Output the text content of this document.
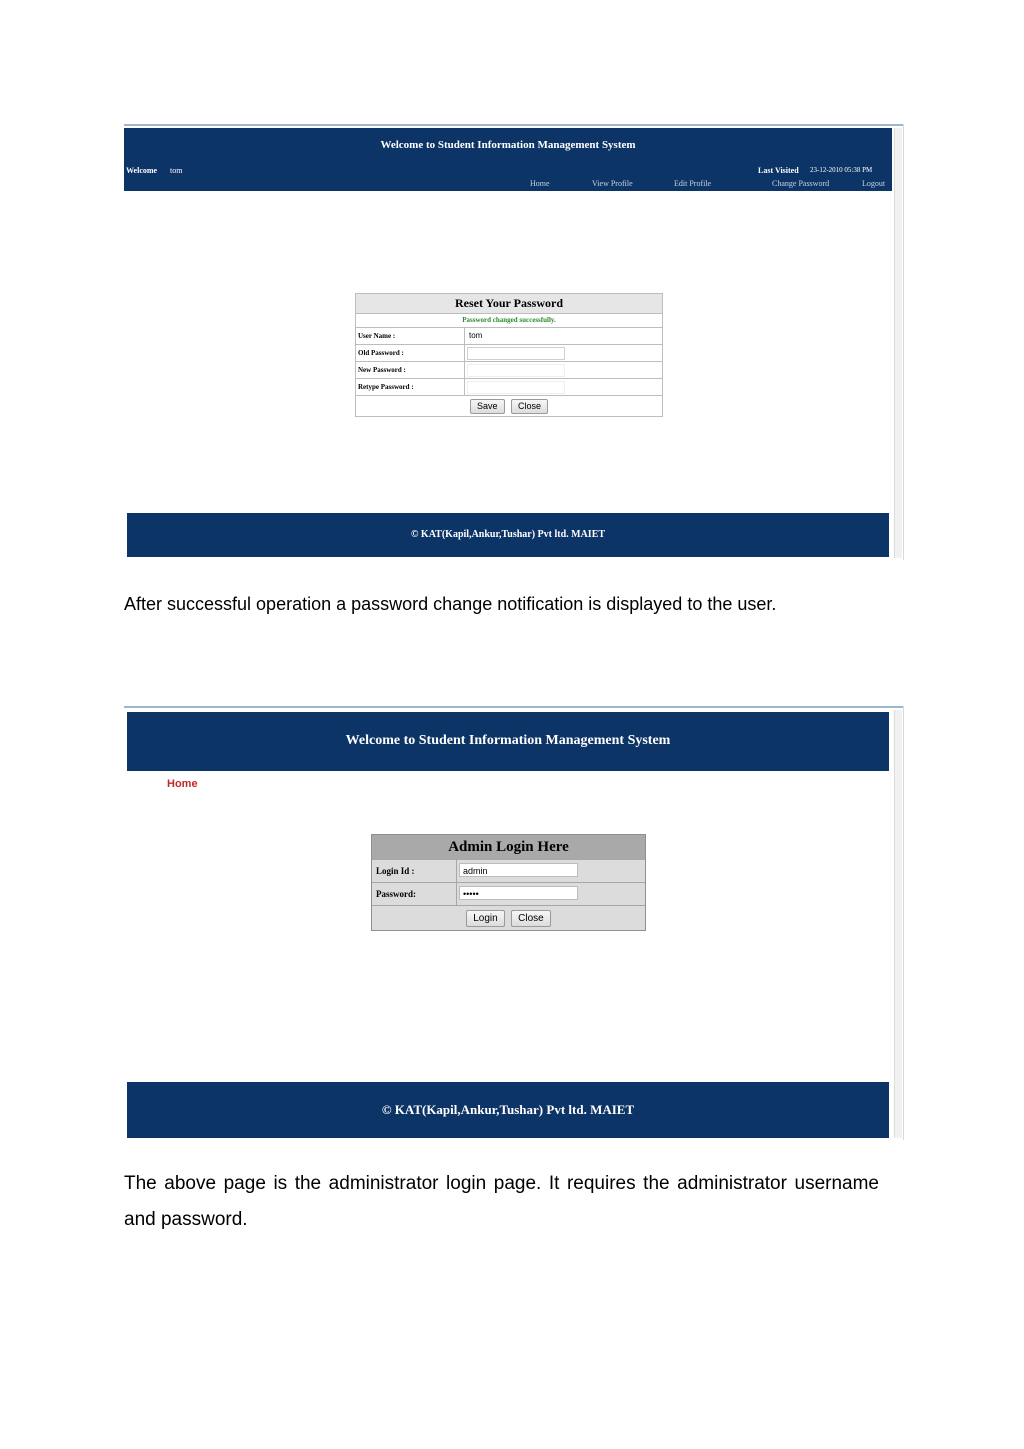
Welcome to Student Information Management System
Welcome tom	Last Visited 23-12-2010 05:38 PM
Home	View Profile	Edit Profile	Change Password	Logout
Reset Your Password
Password changed successfully.
User Name :	tom
Old Password :
New Password :
Retype Password :
Save Close
© KAT(Kapil,Ankur,Tushar) Pvt ltd. MAIET
After successful operation a password change notification is displayed to the user.
Welcome to Student Information Management System
Home
Admin Login Here
Login Id :	admin
Password:	•••••
Login Close
© KAT(Kapil,Ankur,Tushar) Pvt ltd. MAIET
The above page is the administrator login page. It requires the administrator username and password.
